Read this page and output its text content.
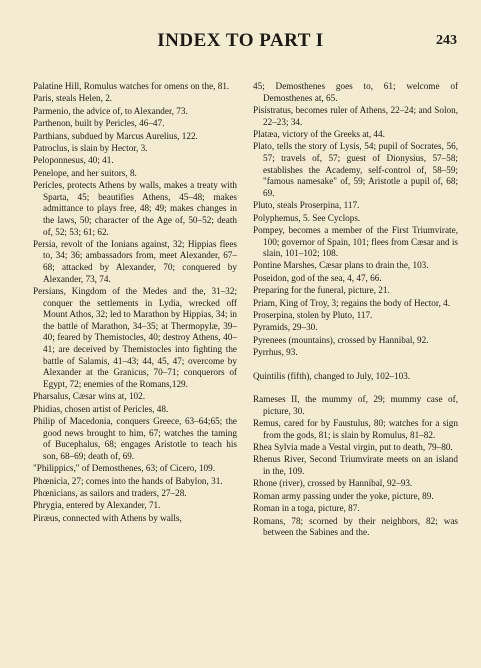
INDEX TO PART I	243

Palatine Hill, Romulus watches for omens on the, 81.

Paris, steals Helen, 2.

Parmenio, the advice of, to Alexander, 73.

Parthenon, built by Pericles, 46–47.

Parthians, subdued by Marcus Aurelius, 122.

Patroclus, is slain by Hector, 3.

Peloponnesus, 40; 41.

Penelope, and her suitors, 8.

Pericles, protects Athens by walls, makes a treaty with Sparta, 45; beautifies Athens, 45–48; makes admittance to plays free, 48; 49; makes changes in the laws, 50; character of the Age of, 50–52; death of, 52; 53; 61; 62.

Persia, revolt of the Ionians against, 32; Hippias flees to, 34; 36; ambassadors from, meet Alexander, 67–68; attacked by Alexander, 70; conquered by Alexander, 73, 74.

Persians, Kingdom of the Medes and the, 31–32; conquer the settlements in Lydia, wrecked off Mount Athos, 32; led to Marathon by Hippias, 34; in the battle of Marathon, 34–35; at Thermopylæ, 39–40; feared by Themistocles, 40; destroy Athens, 40–41; are deceived by Themistocles into fighting the battle of Salamis, 41–43; 44, 45, 47; overcome by Alexander at the Granicus, 70–71; conquerors of Egypt, 72; enemies of the Romans,129.

Pharsalus, Cæsar wins at, 102.

Phidias, chosen artist of Pericles, 48.

Philip of Macedonia, conquers Greece, 63–64;65; the good news brought to him, 67; watches the taming of Bucephalus, 68; engages Aristotle to teach his son, 68–69; death of, 69.

"Philippics," of Demosthenes, 63; of Cicero, 109.

Phœnicia, 27; comes into the hands of Babylon, 31.

Phœnicians, as sailors and traders, 27–28.

Phrygia, entered by Alexander, 71.

Piræus, connected with Athens by walls,

45; Demosthenes goes to, 61; welcome of Demosthenes at, 65.

Pisistratus, becomes ruler of Athens, 22–24; and Solon, 22–23; 34.

Platæa, victory of the Greeks at, 44.

Plato, tells the story of Lysis, 54; pupil of Socrates, 56, 57; travels of, 57; guest of Dionysius, 57–58; establishes the Academy, self-control of, 58–59; "famous namesake" of, 59; Aristotle a pupil of, 68; 69.

Pluto, steals Proserpina, 117.

Polyphemus, 5. See Cyclops.

Pompey, becomes a member of the First Triumvirate, 100; governor of Spain, 101; flees from Cæsar and is slain, 101–102; 108.

Pontine Marshes, Cæsar plans to drain the, 103.

Poseidon, god of the sea, 4, 47, 66.

Preparing for the funeral, picture, 21.

Priam, King of Troy, 3; regains the body of Hector, 4.

Proserpina, stolen by Pluto, 117.

Pyramids, 29–30.

Pyrenees (mountains), crossed by Hannibal, 92.

Pyrrhus, 93.

Quintilis (fifth), changed to July, 102–103.

Rameses II, the mummy of, 29; mummy case of, picture, 30.

Remus, cared for by Faustulus, 80; watches for a sign from the gods, 81; is slain by Romulus, 81–82.

Rhea Sylvia made a Vestal virgin, put to death, 79–80.

Rhenus River, Second Triumvirate meets on an island in the, 109.

Rhone (river), crossed by Hannibal, 92–93.

Roman army passing under the yoke, picture, 89.

Roman in a toga, picture, 87.

Romans, 78; scorned by their neighbors, 82; was between the Sabines and the.
